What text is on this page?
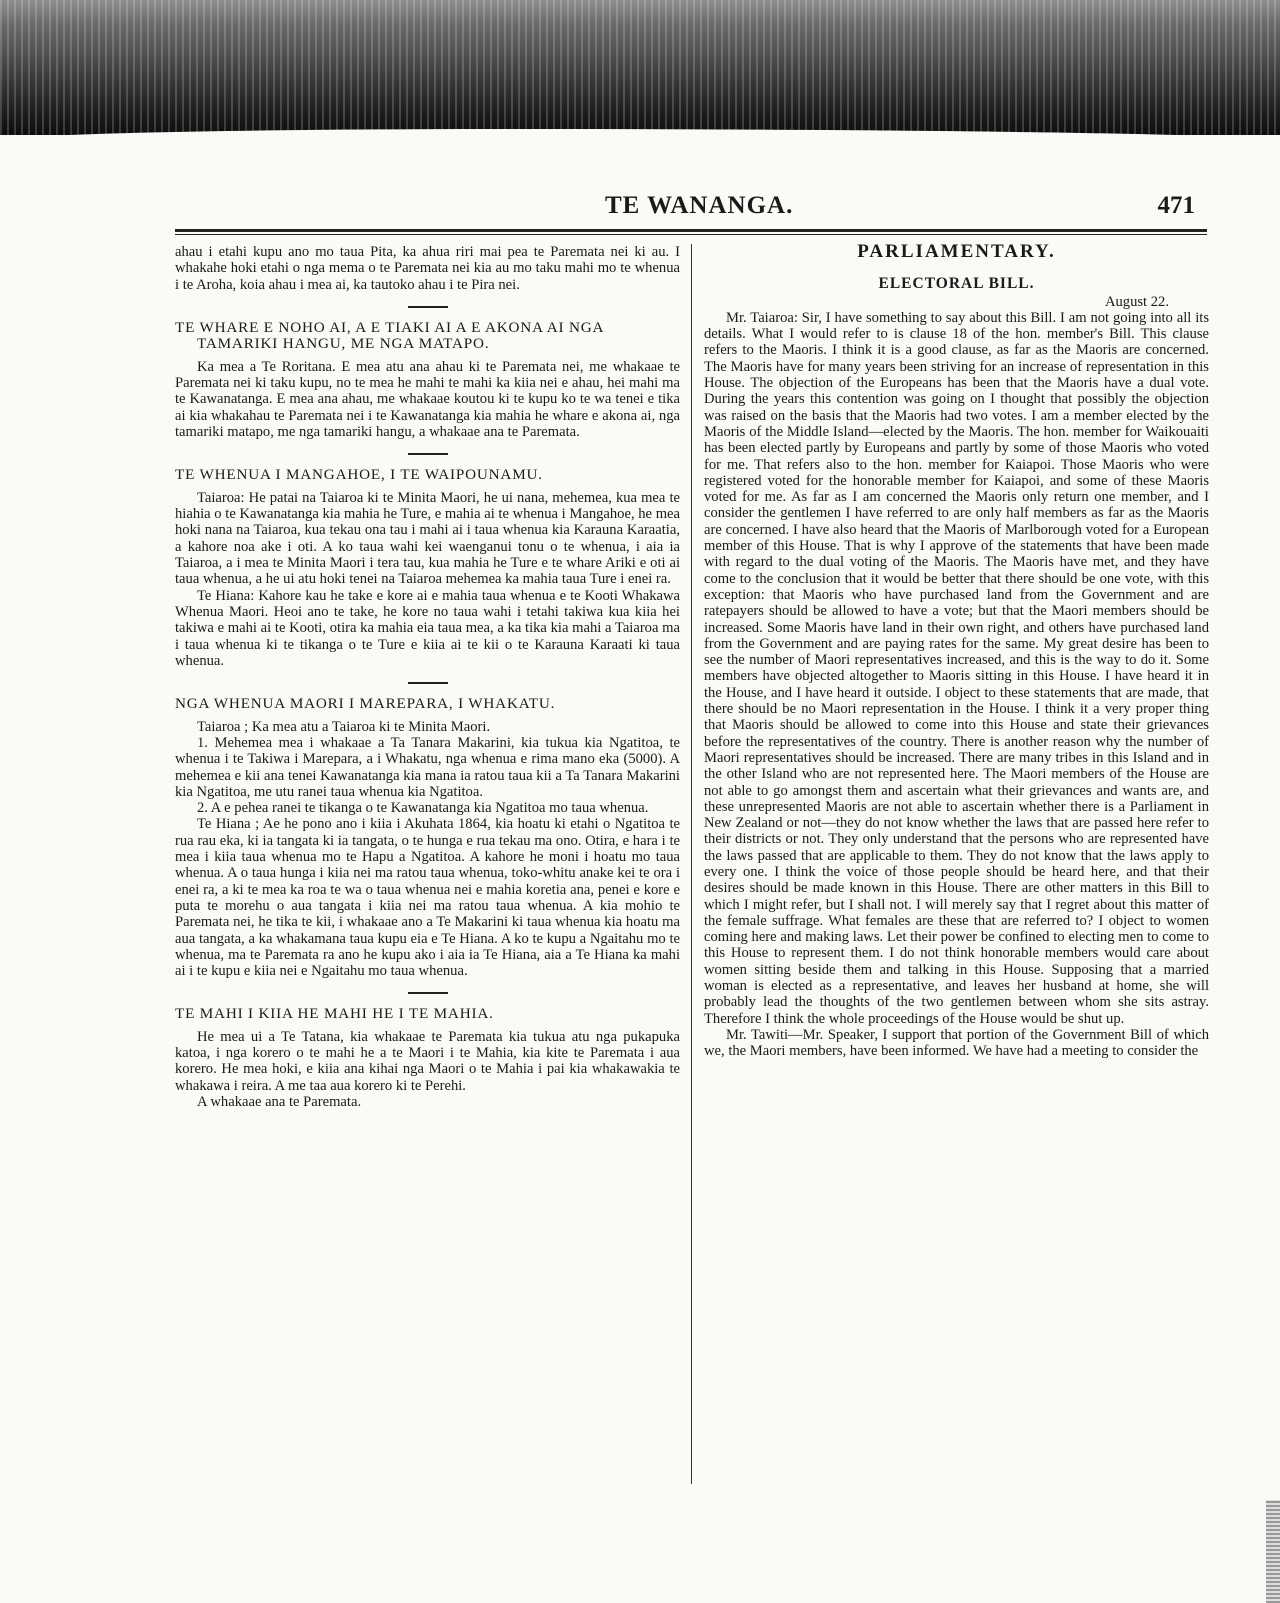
TE WANANGA.	471

ahau i etahi kupu ano mo taua Pita, ka ahua riri mai pea te Paremata nei ki au. I whakahe hoki etahi o nga mema o te Paremata nei kia au mo taku mahi mo te whenua i te Aroha, koia ahau i mea ai, ka tautoko ahau i te Pira nei.

TE WHARE E NOHO AI, A E TIAKI AI A E AKONA AI NGA TAMARIKI HANGU, ME NGA MATAPO.

Ka mea a Te Roritana. E mea atu ana ahau ki te Paremata nei, me whakaae te Paremata nei ki taku kupu, no te mea he mahi te mahi ka kiia nei e ahau, hei mahi ma te Kawanatanga. E mea ana ahau, me whakaae koutou ki te kupu ko te wa tenei e tika ai kia whakahau te Paremata nei i te Kawanatanga kia mahia he whare e akona ai, nga tamariki matapo, me nga tamariki hangu, a whakaae ana te Paremata.

TE WHENUA I MANGAHOE, I TE WAIPOUNAMU.

Taiaroa: He patai na Taiaroa ki te Minita Maori, he ui nana, mehemea, kua mea te hiahia o te Kawanatanga kia mahia he Ture, e mahia ai te whenua i Mangahoe, he mea hoki nana na Taiaroa, kua tekau ona tau i mahi ai i taua whenua kia Karauna Karaatia, a kahore noa ake i oti. A ko taua wahi kei waenganui tonu o te whenua, i aia ia Taiaroa, a i mea te Minita Maori i tera tau, kua mahia he Ture e te whare Ariki e oti ai taua whenua, a he ui atu hoki tenei na Taiaroa mehemea ka mahia taua Ture i enei ra.

Te Hiana: Kahore kau he take e kore ai e mahia taua whenua e te Kooti Whakawa Whenua Maori. Heoi ano te take, he kore no taua wahi i tetahi takiwa kua kiia hei takiwa e mahi ai te Kooti, otira ka mahia eia taua mea, a ka tika kia mahi a Taiaroa ma i taua whenua ki te tikanga o te Ture e kiia ai te kii o te Karauna Karaati ki taua whenua.

NGA WHENUA MAORI I MAREPARA, I WHAKATU.

Taiaroa ; Ka mea atu a Taiaroa ki te Minita Maori.

1. Mehemea mea i whakaae a Ta Tanara Makarini, kia tukua kia Ngatitoa, te whenua i te Takiwa i Marepara, a i Whakatu, nga whenua e rima mano eka (5000). A mehemea e kii ana tenei Kawanatanga kia mana ia ratou taua kii a Ta Tanara Makarini kia Ngatitoa, me utu ranei taua whenua kia Ngatitoa.

2. A e pehea ranei te tikanga o te Kawanatanga kia Ngatitoa mo taua whenua.

Te Hiana ; Ae he pono ano i kiia i Akuhata 1864, kia hoatu ki etahi o Ngatitoa te rua rau eka, ki ia tangata ki ia tangata, o te hunga e rua tekau ma ono. Otira, e hara i te mea i kiia taua whenua mo te Hapu a Ngatitoa. A kahore he moni i hoatu mo taua whenua. A o taua hunga i kiia nei ma ratou taua whenua, toko-whitu anake kei te ora i enei ra, a ki te mea ka roa te wa o taua whenua nei e mahia koretia ana, penei e kore e puta te morehu o aua tangata i kiia nei ma ratou taua whenua. A kia mohio te Paremata nei, he tika te kii, i whakaae ano a Te Makarini ki taua whenua kia hoatu ma aua tangata, a ka whakamana taua kupu eia e Te Hiana. A ko te kupu a Ngaitahu mo te whenua, ma te Paremata ra ano he kupu ako i aia ia Te Hiana, aia a Te Hiana ka mahi ai i te kupu e kiia nei e Ngaitahu mo taua whenua.

TE MAHI I KIIA HE MAHI HE I TE MAHIA.

He mea ui a Te Tatana, kia whakaae te Paremata kia tukua atu nga pukapuka katoa, i nga korero o te mahi he a te Maori i te Mahia, kia kite te Paremata i aua korero. He mea hoki, e kiia ana kihai nga Maori o te Mahia i pai kia whakawakia te whakawa i reira. A me taa aua korero ki te Perehi.

A whakaae ana te Paremata.

PARLIAMENTARY.
ELECTORAL BILL.

August 22.

Mr. Taiaroa: Sir, I have something to say about this Bill. I am not going into all its details. What I would refer to is clause 18 of the hon. member's Bill. This clause refers to the Maoris. I think it is a good clause, as far as the Maoris are concerned. The Maoris have for many years been striving for an increase of representation in this House. The objection of the Europeans has been that the Maoris have a dual vote. During the years this contention was going on I thought that possibly the objection was raised on the basis that the Maoris had two votes. I am a member elected by the Maoris of the Middle Island—elected by the Maoris. The hon. member for Waikouaiti has been elected partly by Europeans and partly by some of those Maoris who voted for me. That refers also to the hon. member for Kaiapoi. Those Maoris who were registered voted for the honorable member for Kaiapoi, and some of these Maoris voted for me. As far as I am concerned the Maoris only return one member, and I consider the gentlemen I have referred to are only half members as far as the Maoris are concerned. I have also heard that the Maoris of Marlborough voted for a European member of this House. That is why I approve of the statements that have been made with regard to the dual voting of the Maoris. The Maoris have met, and they have come to the conclusion that it would be better that there should be one vote, with this exception: that Maoris who have purchased land from the Government and are ratepayers should be allowed to have a vote; but that the Maori members should be increased. Some Maoris have land in their own right, and others have purchased land from the Government and are paying rates for the same. My great desire has been to see the number of Maori representatives increased, and this is the way to do it. Some members have objected altogether to Maoris sitting in this House. I have heard it in the House, and I have heard it outside. I object to these statements that are made, that there should be no Maori representation in the House. I think it a very proper thing that Maoris should be allowed to come into this House and state their grievances before the representatives of the country. There is another reason why the number of Maori representatives should be increased. There are many tribes in this Island and in the other Island who are not represented here. The Maori members of the House are not able to go amongst them and ascertain what their grievances and wants are, and these unrepresented Maoris are not able to ascertain whether there is a Parliament in New Zealand or not—they do not know whether the laws that are passed here refer to their districts or not. They only understand that the persons who are represented have the laws passed that are applicable to them. They do not know that the laws apply to every one. I think the voice of those people should be heard here, and that their desires should be made known in this House. There are other matters in this Bill to which I might refer, but I shall not. I will merely say that I regret about this matter of the female suffrage. What females are these that are referred to? I object to women coming here and making laws. Let their power be confined to electing men to come to this House to represent them. I do not think honorable members would care about women sitting beside them and talking in this House. Supposing that a married woman is elected as a representative, and leaves her husband at home, she will probably lead the thoughts of the two gentlemen between whom she sits astray. Therefore I think the whole proceedings of the House would be shut up.

Mr. Tawiti—Mr. Speaker, I support that portion of the Government Bill of which we, the Maori members, have been informed. We have had a meeting to consider the
